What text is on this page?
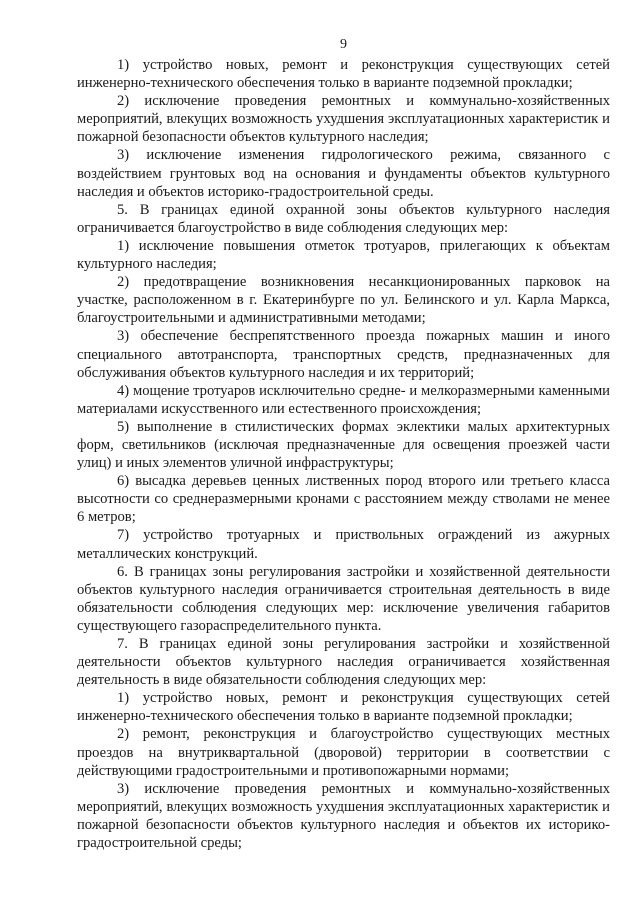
9

1) устройство новых, ремонт и реконструкция существующих сетей инженерно-технического обеспечения только в варианте подземной прокладки;

2) исключение проведения ремонтных и коммунально-хозяйственных мероприятий, влекущих возможность ухудшения эксплуатационных характеристик и пожарной безопасности объектов культурного наследия;

3) исключение изменения гидрологического режима, связанного с воздействием грунтовых вод на основания и фундаменты объектов культурного наследия и объектов историко-градостроительной среды.

5. В границах единой охранной зоны объектов культурного наследия ограничивается благоустройство в виде соблюдения следующих мер:

1) исключение повышения отметок тротуаров, прилегающих к объектам культурного наследия;

2) предотвращение возникновения несанкционированных парковок на участке, расположенном в г. Екатеринбурге по ул. Белинского и ул. Карла Маркса, благоустроительными и административными методами;

3) обеспечение беспрепятственного проезда пожарных машин и иного специального автотранспорта, транспортных средств, предназначенных для обслуживания объектов культурного наследия и их территорий;

4) мощение тротуаров исключительно средне- и мелкоразмерными каменными материалами искусственного или естественного происхождения;

5) выполнение в стилистических формах эклектики малых архитектурных форм, светильников (исключая предназначенные для освещения проезжей части улиц) и иных элементов уличной инфраструктуры;

6) высадка деревьев ценных лиственных пород второго или третьего класса высотности со среднеразмерными кронами с расстоянием между стволами не менее 6 метров;

7) устройство тротуарных и приствольных ограждений из ажурных металлических конструкций.

6. В границах зоны регулирования застройки и хозяйственной деятельности объектов культурного наследия ограничивается строительная деятельность в виде обязательности соблюдения следующих мер: исключение увеличения габаритов существующего газораспределительного пункта.

7. В границах единой зоны регулирования застройки и хозяйственной деятельности объектов культурного наследия ограничивается хозяйственная деятельность в виде обязательности соблюдения следующих мер:

1) устройство новых, ремонт и реконструкция существующих сетей инженерно-технического обеспечения только в варианте подземной прокладки;

2) ремонт, реконструкция и благоустройство существующих местных проездов на внутриквартальной (дворовой) территории в соответствии с действующими градостроительными и противопожарными нормами;

3) исключение проведения ремонтных и коммунально-хозяйственных мероприятий, влекущих возможность ухудшения эксплуатационных характеристик и пожарной безопасности объектов культурного наследия и объектов их историко-градостроительной среды;
